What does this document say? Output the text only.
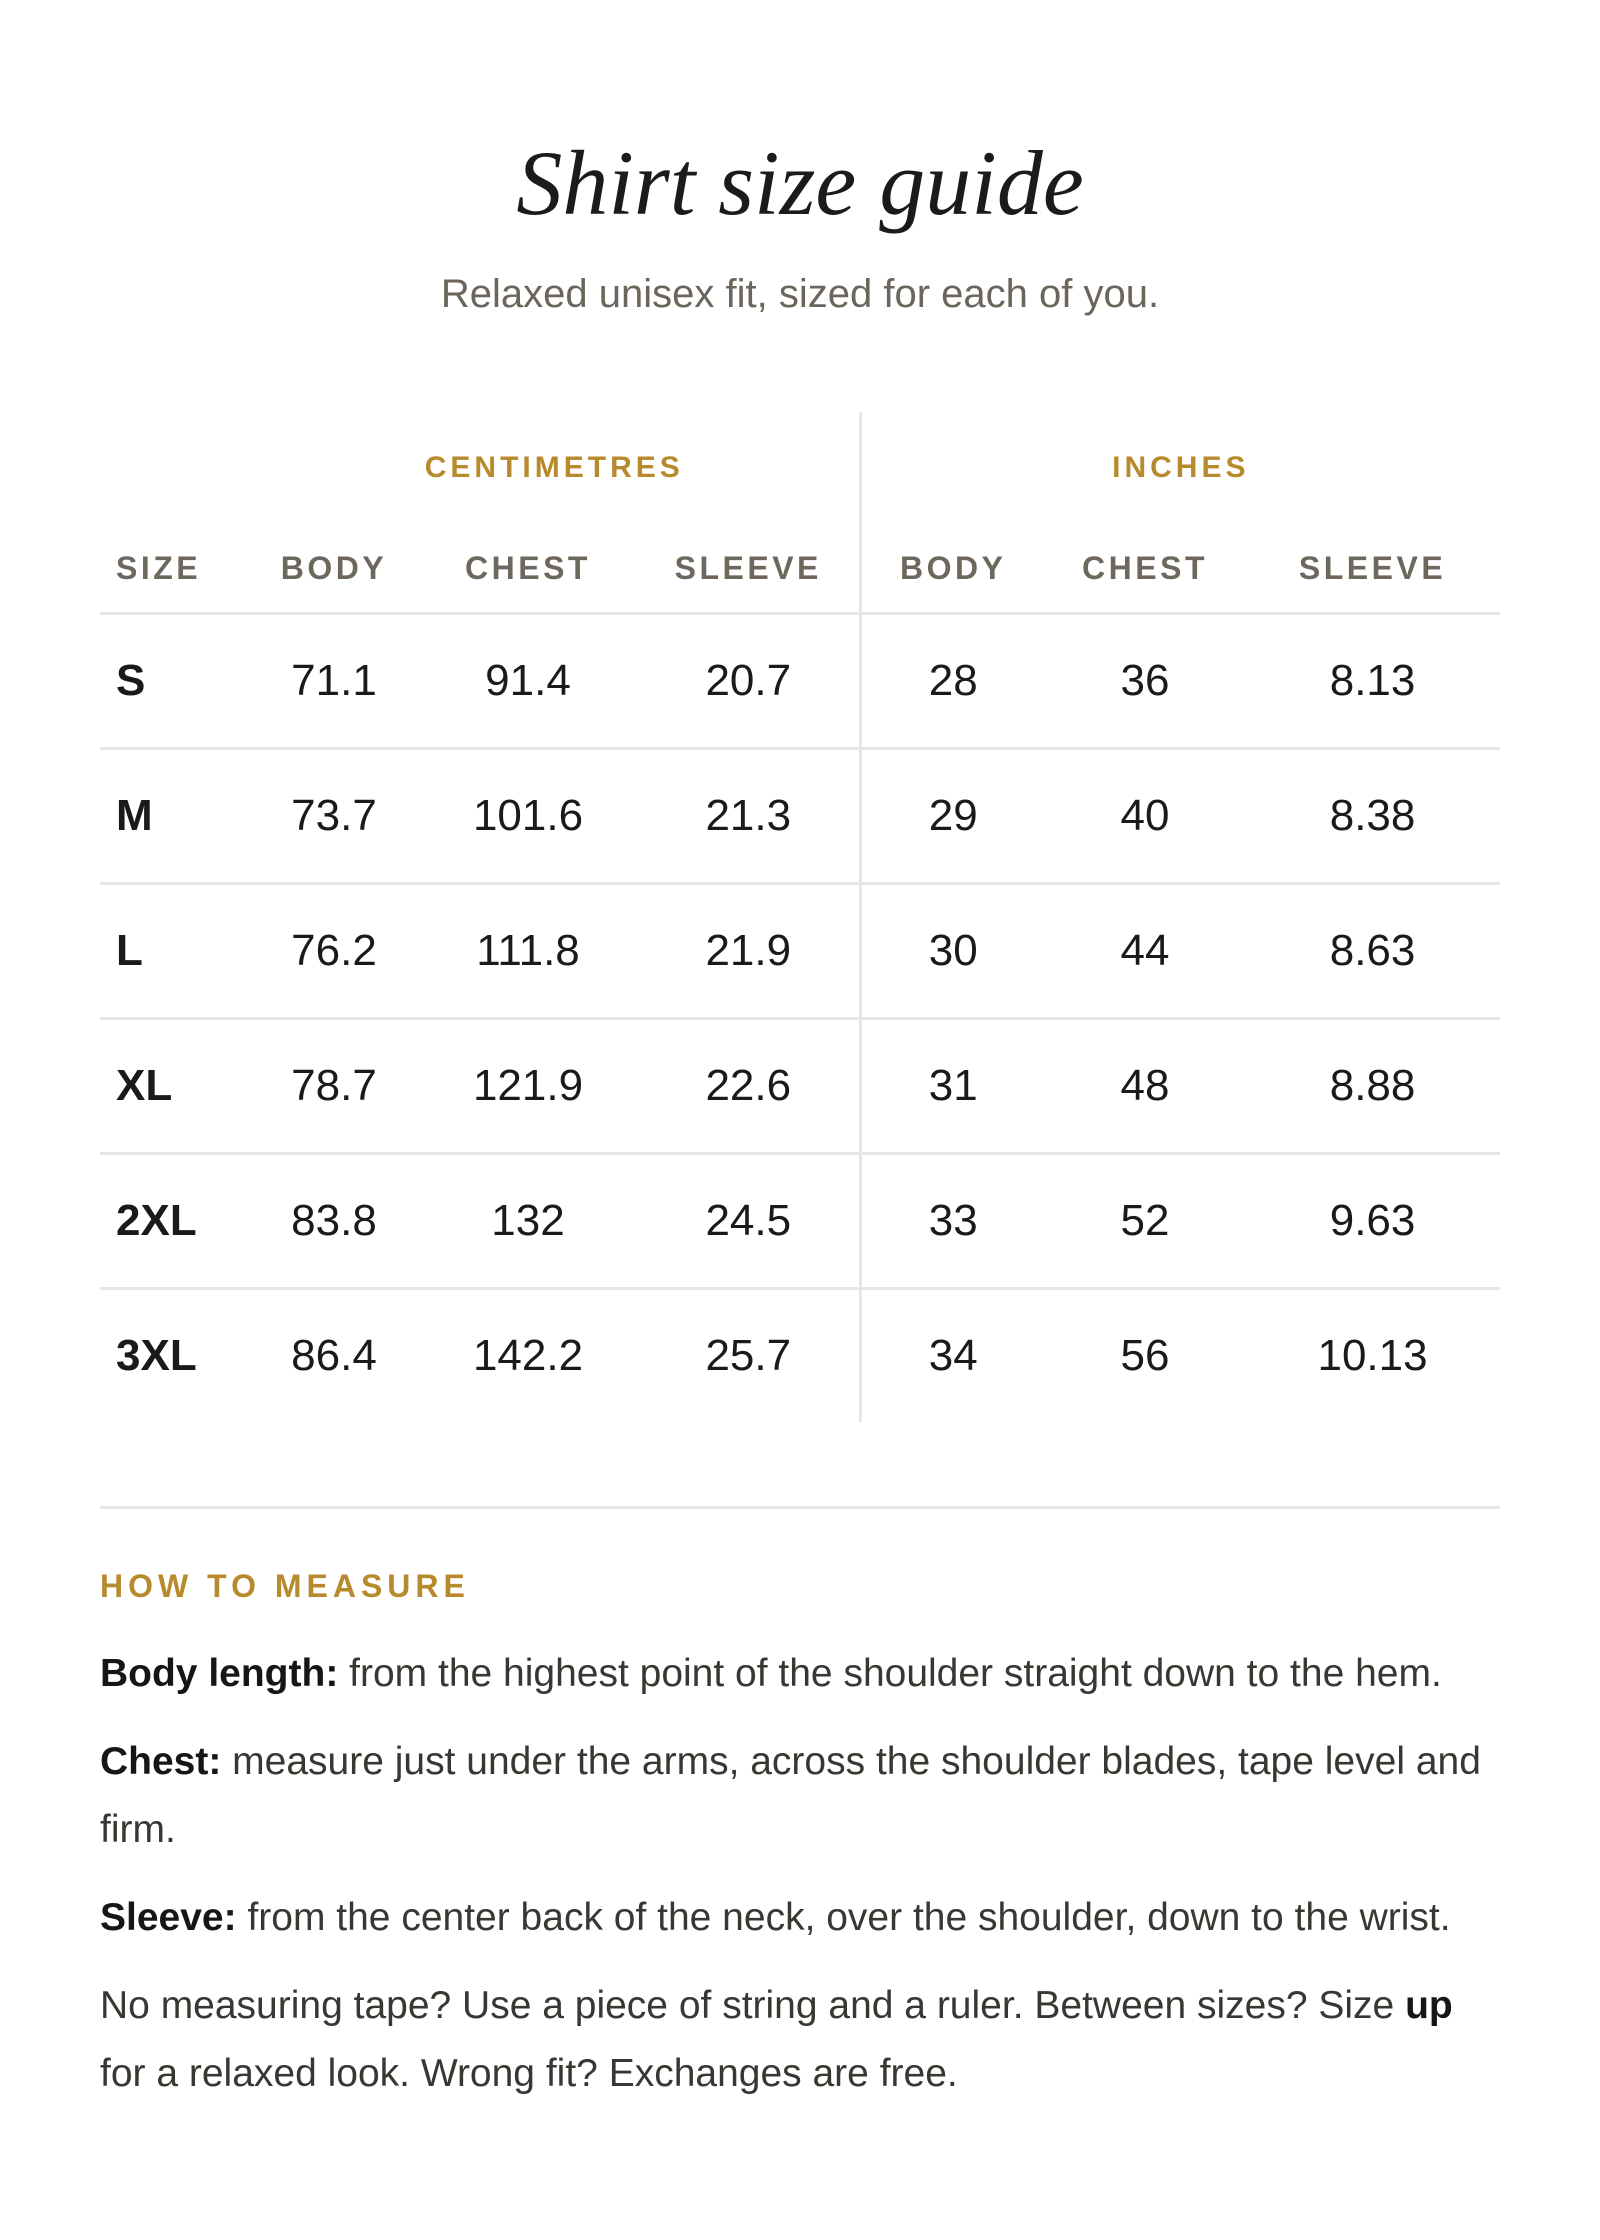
Shirt size guide

Relaxed unisex fit, sized for each of you.

	CENTIMETRES			INCHES		
SIZE	BODY	CHEST	SLEEVE	BODY	CHEST	SLEEVE
S	71.1	91.4	20.7	28	36	8.13
M	73.7	101.6	21.3	29	40	8.38
L	76.2	111.8	21.9	30	44	8.63
XL	78.7	121.9	22.6	31	48	8.88
2XL	83.8	132	24.5	33	52	9.63
3XL	86.4	142.2	25.7	34	56	10.13
HOW TO MEASURE

Body length: from the highest point of the shoulder straight down to the hem.

Chest: measure just under the arms, across the shoulder blades, tape level and firm.

Sleeve: from the center back of the neck, over the shoulder, down to the wrist.

No measuring tape? Use a piece of string and a ruler. Between sizes? Size up for a relaxed look. Wrong fit? Exchanges are free.
